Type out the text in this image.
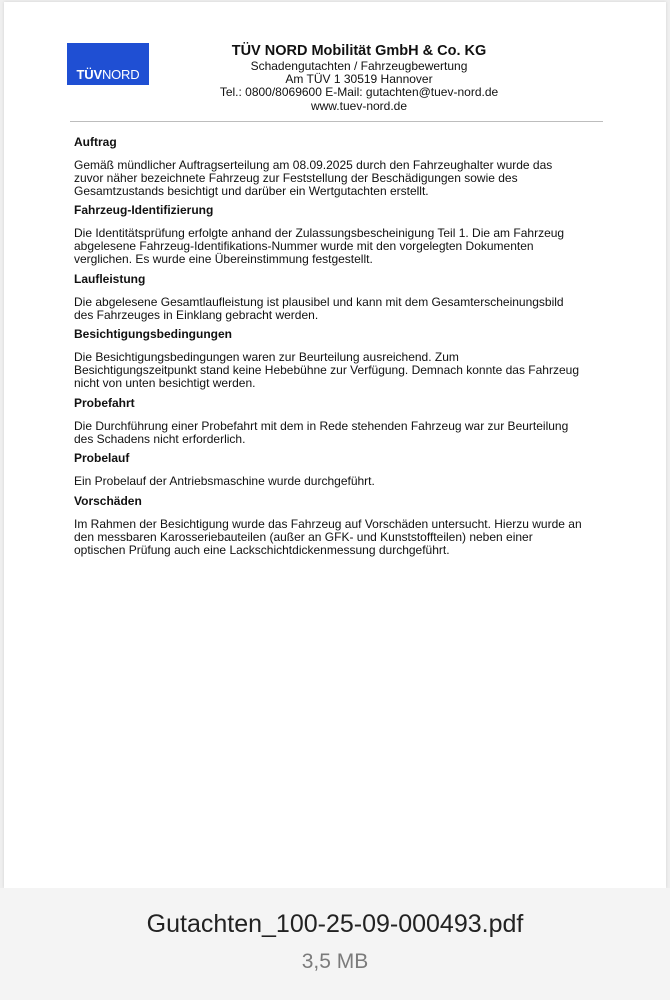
TÜVNORD
TÜV NORD Mobilität GmbH & Co. KG
Schadengutachten / Fahrzeugbewertung
Am TÜV 1 30519 Hannover
Tel.: 0800/8069600 E-Mail: gutachten@tuev-nord.de
www.tuev-nord.de
Auftrag
Gemäß mündlicher Auftragserteilung am 08.09.2025 durch den Fahrzeughalter wurde das
zuvor näher bezeichnete Fahrzeug zur Feststellung der Beschädigungen sowie des
Gesamtzustands besichtigt und darüber ein Wertgutachten erstellt.
Fahrzeug-Identifizierung
Die Identitätsprüfung erfolgte anhand der Zulassungsbescheinigung Teil 1. Die am Fahrzeug
abgelesene Fahrzeug-Identifikations-Nummer wurde mit den vorgelegten Dokumenten
verglichen. Es wurde eine Übereinstimmung festgestellt.
Laufleistung
Die abgelesene Gesamtlaufleistung ist plausibel und kann mit dem Gesamterscheinungsbild
des Fahrzeuges in Einklang gebracht werden.
Besichtigungsbedingungen
Die Besichtigungsbedingungen waren zur Beurteilung ausreichend. Zum
Besichtigungszeitpunkt stand keine Hebebühne zur Verfügung. Demnach konnte das Fahrzeug
nicht von unten besichtigt werden.
Probefahrt
Die Durchführung einer Probefahrt mit dem in Rede stehenden Fahrzeug war zur Beurteilung
des Schadens nicht erforderlich.
Probelauf
Ein Probelauf der Antriebsmaschine wurde durchgeführt.
Vorschäden
Im Rahmen der Besichtigung wurde das Fahrzeug auf Vorschäden untersucht. Hierzu wurde an
den messbaren Karosseriebauteilen (außer an GFK- und Kunststoffteilen) neben einer
optischen Prüfung auch eine Lackschichtdickenmessung durchgeführt.
Gutachten_100-25-09-000493.pdf
3,5 MB
